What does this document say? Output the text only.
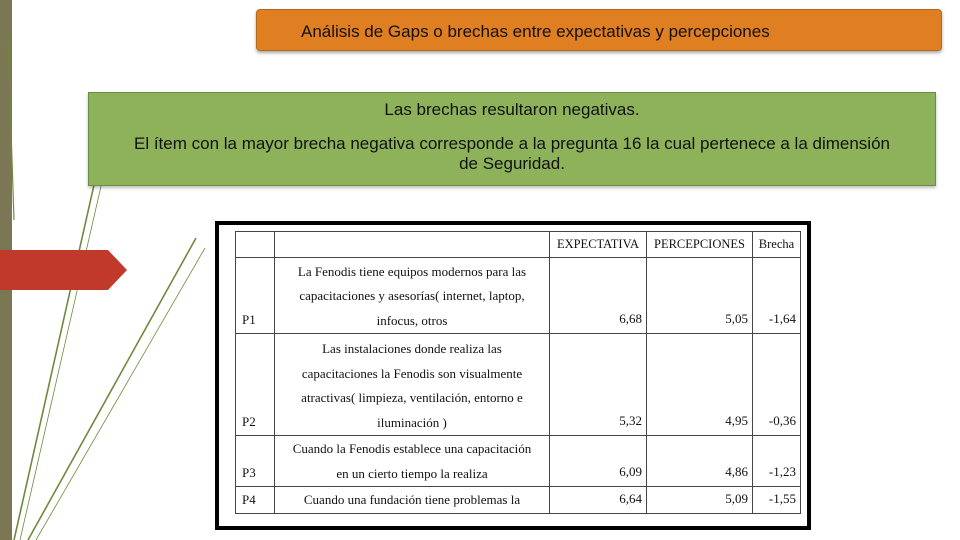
Análisis de Gaps o brechas entre expectativas y percepciones
Las brechas resultaron negativas.
El ítem con la mayor brecha negativa corresponde a la pregunta 16 la cual pertenece a la dimensión de Seguridad.
		EXPECTATIVA	PERCEPCIONES	Brecha
P1	La Fenodis tiene equipos modernos para las
capacitaciones y asesorías( internet, laptop,
infocus, otros	6,68	5,05	-1,64
P2	Las instalaciones donde realiza las
capacitaciones la Fenodis son visualmente
atractivas( limpieza, ventilación, entorno e
iluminación )	5,32	4,95	-0,36
P3	Cuando la Fenodis establece una capacitación
en un cierto tiempo la realiza	6,09	4,86	-1,23
P4	Cuando una fundación tiene problemas la	6,64	5,09	-1,55
